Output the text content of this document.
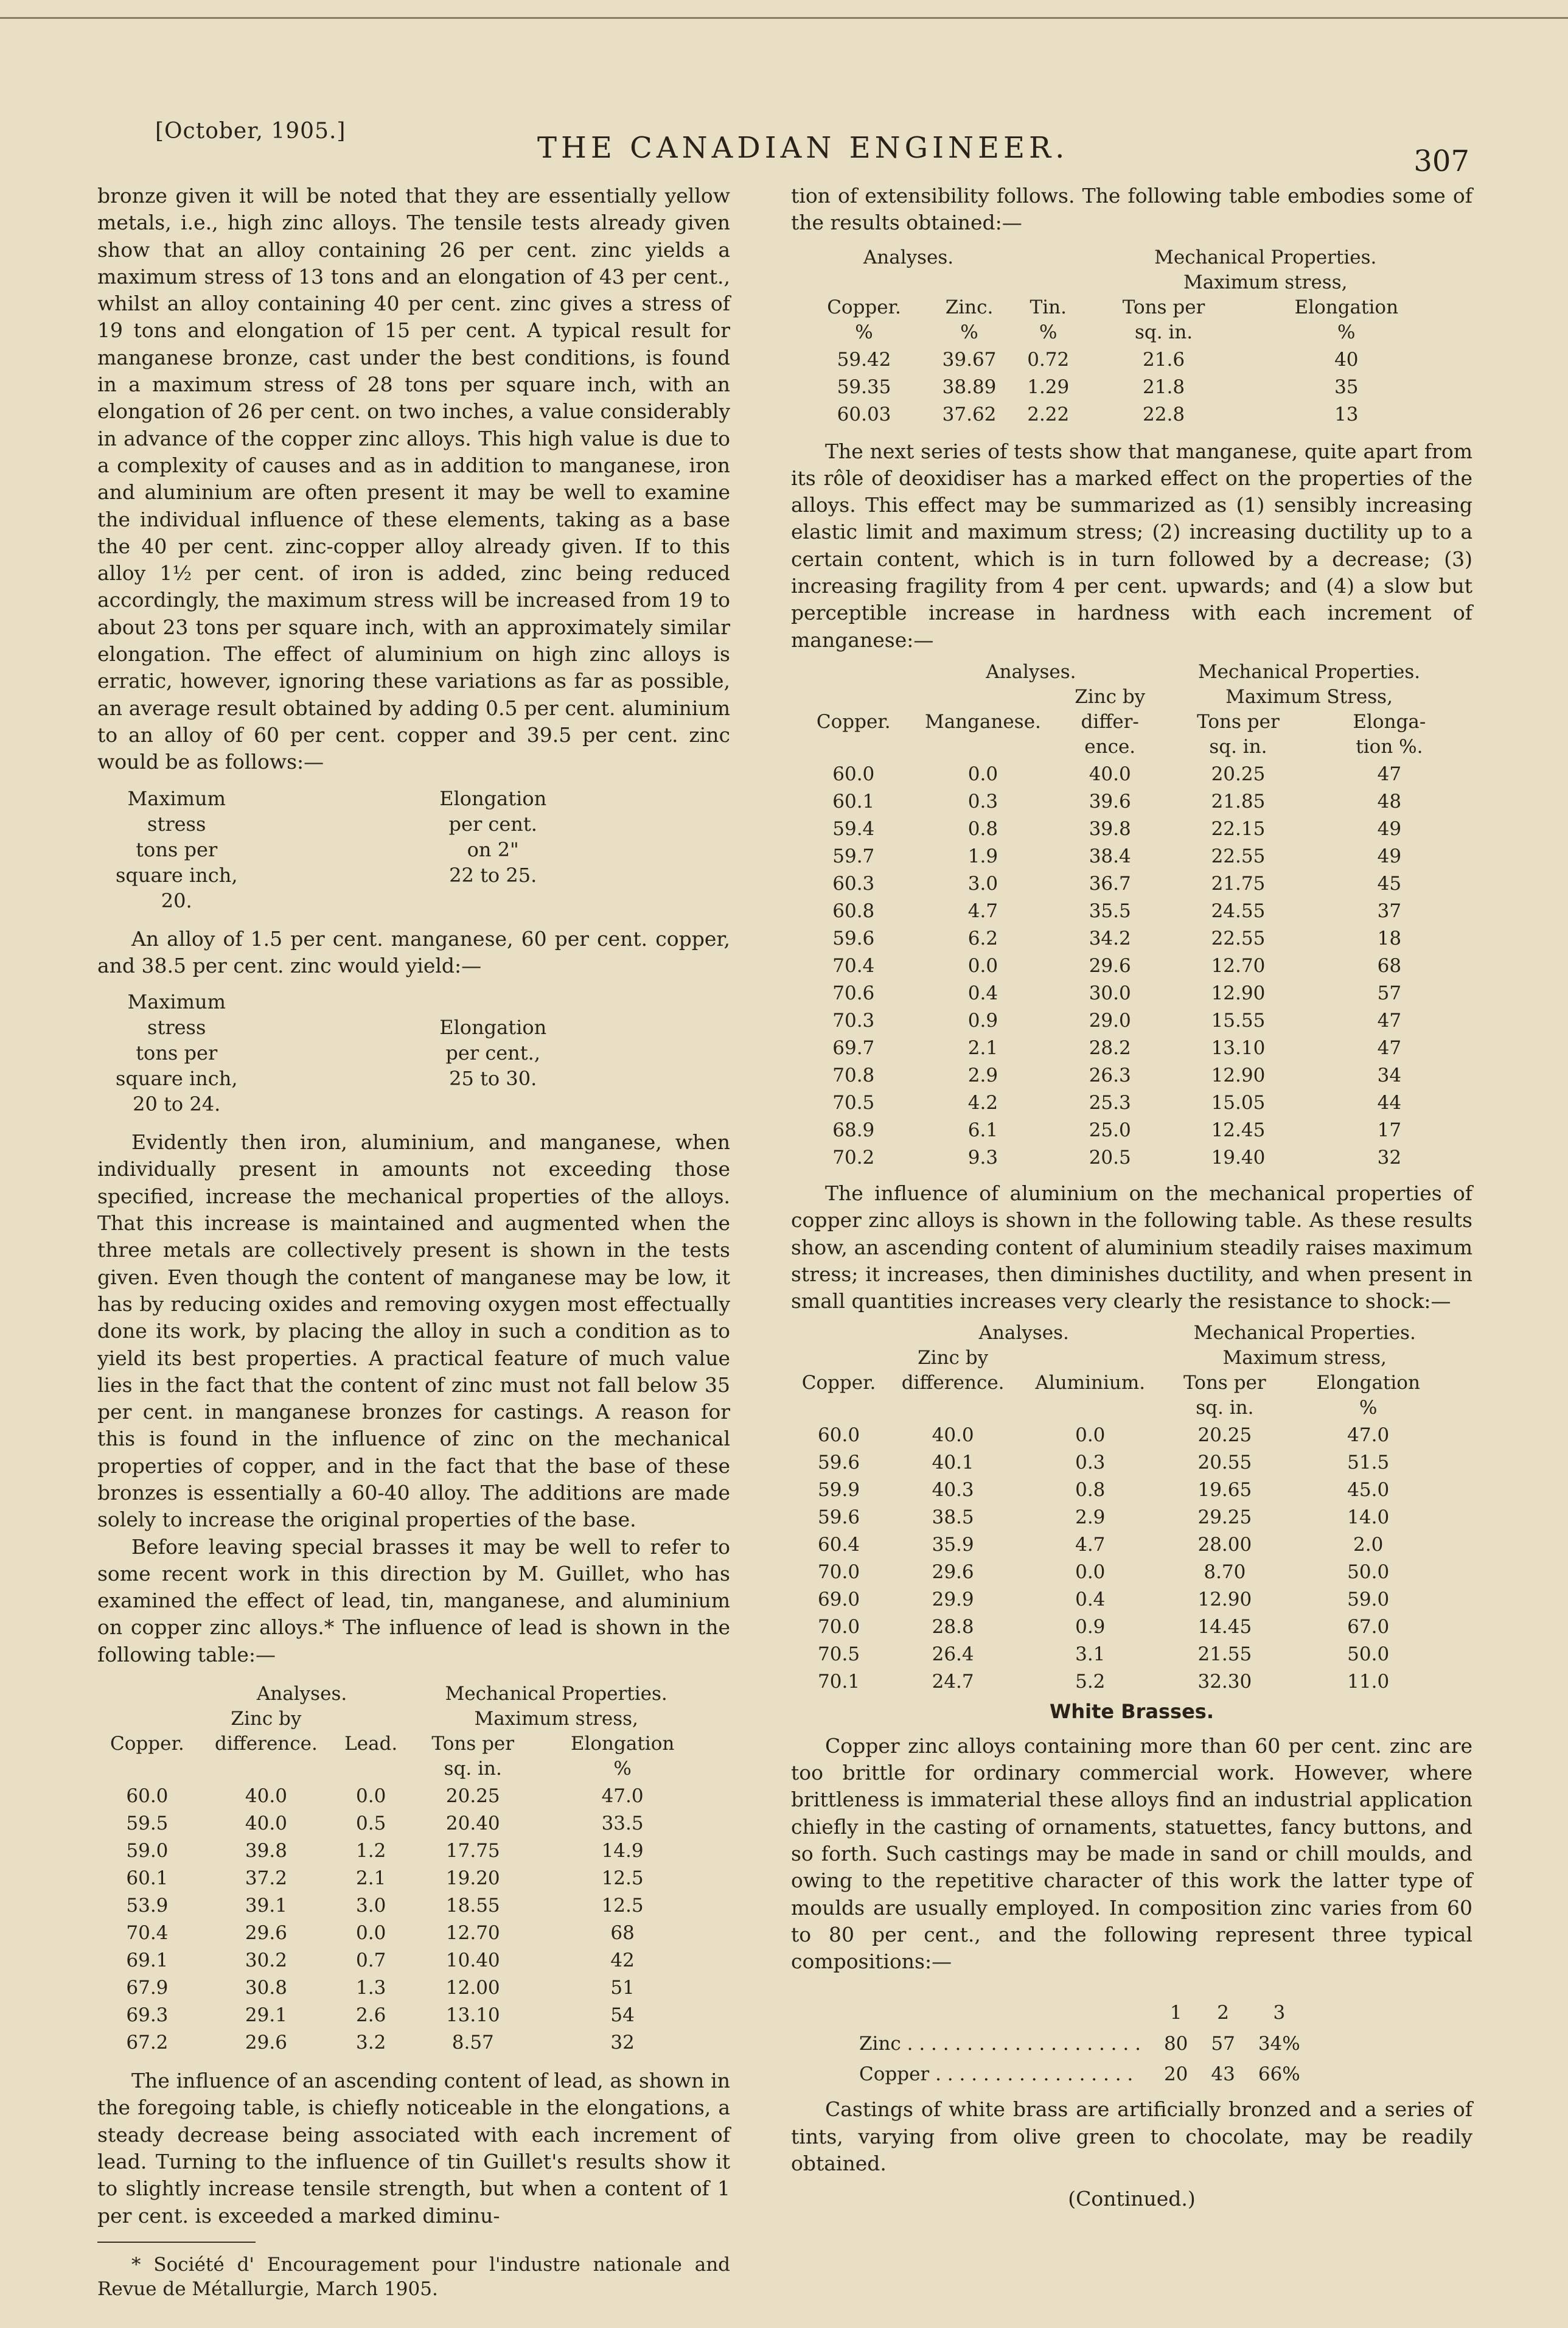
[October, 1905.]	THE CANADIAN ENGINEER.	307

bronze given it will be noted that they are essentially yellow metals, i.e., high zinc alloys. The tensile tests already given show that an alloy containing 26 per cent. zinc yields a maximum stress of 13 tons and an elongation of 43 per cent., whilst an alloy containing 40 per cent. zinc gives a stress of 19 tons and elongation of 15 per cent. A typical result for manganese bronze, cast under the best conditions, is found in a maximum stress of 28 tons per square inch, with an elongation of 26 per cent. on two inches, a value considerably in advance of the copper zinc alloys. This high value is due to a complexity of causes and as in addition to manganese, iron and aluminium are often present it may be well to examine the individual influence of these elements, taking as a base the 40 per cent. zinc-copper alloy already given. If to this alloy 1½ per cent. of iron is added, zinc being reduced accordingly, the maximum stress will be increased from 19 to about 23 tons per square inch, with an approximately similar elongation. The effect of aluminium on high zinc alloys is erratic, however, ignoring these variations as far as possible, an average result obtained by adding 0.5 per cent. aluminium to an alloy of 60 per cent. copper and 39.5 per cent. zinc would be as follows:—

Maximum stress
tons per square inch,
20.
Elongation per cent.
on 2"
22 to 25.

An alloy of 1.5 per cent. manganese, 60 per cent. copper, and 38.5 per cent. zinc would yield:—

Maximum stress
tons per square inch,
20 to 24.
Elongation per cent.,
25 to 30.

Evidently then iron, aluminium, and manganese, when individually present in amounts not exceeding those specified, increase the mechanical properties of the alloys. That this increase is maintained and augmented when the three metals are collectively present is shown in the tests given. Even though the content of manganese may be low, it has by reducing oxides and removing oxygen most effectually done its work, by placing the alloy in such a condition as to yield its best properties. A practical feature of much value lies in the fact that the content of zinc must not fall below 35 per cent. in manganese bronzes for castings. A reason for this is found in the influence of zinc on the mechanical properties of copper, and in the fact that the base of these bronzes is essentially a 60-40 alloy. The additions are made solely to increase the original properties of the base.

Before leaving special brasses it may be well to refer to some recent work in this direction by M. Guillet, who has examined the effect of lead, tin, manganese, and aluminium on copper zinc alloys.* The influence of lead is shown in the following table:—

	Analyses.		Mechanical Properties.	
	Zinc by		Maximum stress,	
Copper.	difference.	Lead.	Tons per	Elongation
			sq. in.	%
60.0	40.0	0.0	20.25	47.0
59.5	40.0	0.5	20.40	33.5
59.0	39.8	1.2	17.75	14.9
60.1	37.2	2.1	19.20	12.5
53.9	39.1	3.0	18.55	12.5
70.4	29.6	0.0	12.70	68
69.1	30.2	0.7	10.40	42
67.9	30.8	1.3	12.00	51
69.3	29.1	2.6	13.10	54
67.2	29.6	3.2	8.57	32

The influence of an ascending content of lead, as shown in the foregoing table, is chiefly noticeable in the elongations, a steady decrease being associated with each increment of lead. Turning to the influence of tin Guillet's results show it to slightly increase tensile strength, but when a content of 1 per cent. is exceeded a marked diminu-

* Société d' Encouragement pour l'industre nationale and Revue de Métallurgie, March 1905.

tion of extensibility follows. The following table embodies some of the results obtained:—

Analyses.			Mechanical Properties.	
			Maximum stress,	
Copper.	Zinc.	Tin.	Tons per	Elongation
%	%	%	sq. in.	%
59.42	39.67	0.72	21.6	40
59.35	38.89	1.29	21.8	35
60.03	37.62	2.22	22.8	13

The next series of tests show that manganese, quite apart from its rôle of deoxidiser has a marked effect on the properties of the alloys. This effect may be summarized as (1) sensibly increasing elastic limit and maximum stress; (2) increasing ductility up to a certain content, which is in turn followed by a decrease; (3) increasing fragility from 4 per cent. upwards; and (4) a slow but perceptible increase in hardness with each increment of manganese:—

	Analyses.		Mechanical Properties.	
		Zinc by	Maximum Stress,	
Copper.	Manganese.	differ-	Tons per	Elonga-
		ence.	sq. in.	tion %.
60.0	0.0	40.0	20.25	47
60.1	0.3	39.6	21.85	48
59.4	0.8	39.8	22.15	49
59.7	1.9	38.4	22.55	49
60.3	3.0	36.7	21.75	45
60.8	4.7	35.5	24.55	37
59.6	6.2	34.2	22.55	18
70.4	0.0	29.6	12.70	68
70.6	0.4	30.0	12.90	57
70.3	0.9	29.0	15.55	47
69.7	2.1	28.2	13.10	47
70.8	2.9	26.3	12.90	34
70.5	4.2	25.3	15.05	44
68.9	6.1	25.0	12.45	17
70.2	9.3	20.5	19.40	32

The influence of aluminium on the mechanical properties of copper zinc alloys is shown in the following table. As these results show, an ascending content of aluminium steadily raises maximum stress; it increases, then diminishes ductility, and when present in small quantities increases very clearly the resistance to shock:—

	Analyses.		Mechanical Properties.	
	Zinc by		Maximum stress,	
Copper.	difference.	Aluminium.	Tons per	Elongation
			sq. in.	%
60.0	40.0	0.0	20.25	47.0
59.6	40.1	0.3	20.55	51.5
59.9	40.3	0.8	19.65	45.0
59.6	38.5	2.9	29.25	14.0
60.4	35.9	4.7	28.00	2.0
70.0	29.6	0.0	8.70	50.0
69.0	29.9	0.4	12.90	59.0
70.0	28.8	0.9	14.45	67.0
70.5	26.4	3.1	21.55	50.0
70.1	24.7	5.2	32.30	11.0
White Brasses.

Copper zinc alloys containing more than 60 per cent. zinc are too brittle for ordinary commercial work. However, where brittleness is immaterial these alloys find an industrial application chiefly in the casting of ornaments, statuettes, fancy buttons, and so forth. Such castings may be made in sand or chill moulds, and owing to the repetitive character of this work the latter type of moulds are usually employed. In composition zinc varies from 60 to 80 per cent., and the following represent three typical compositions:—

	1	2	3
Zinc . . . . . . . . . . . . . . . . . . . .	80	57	34%
Copper . . . . . . . . . . . . . . . . .	20	43	66%

Castings of white brass are artificially bronzed and a series of tints, varying from olive green to chocolate, may be readily obtained.

(Continued.)
